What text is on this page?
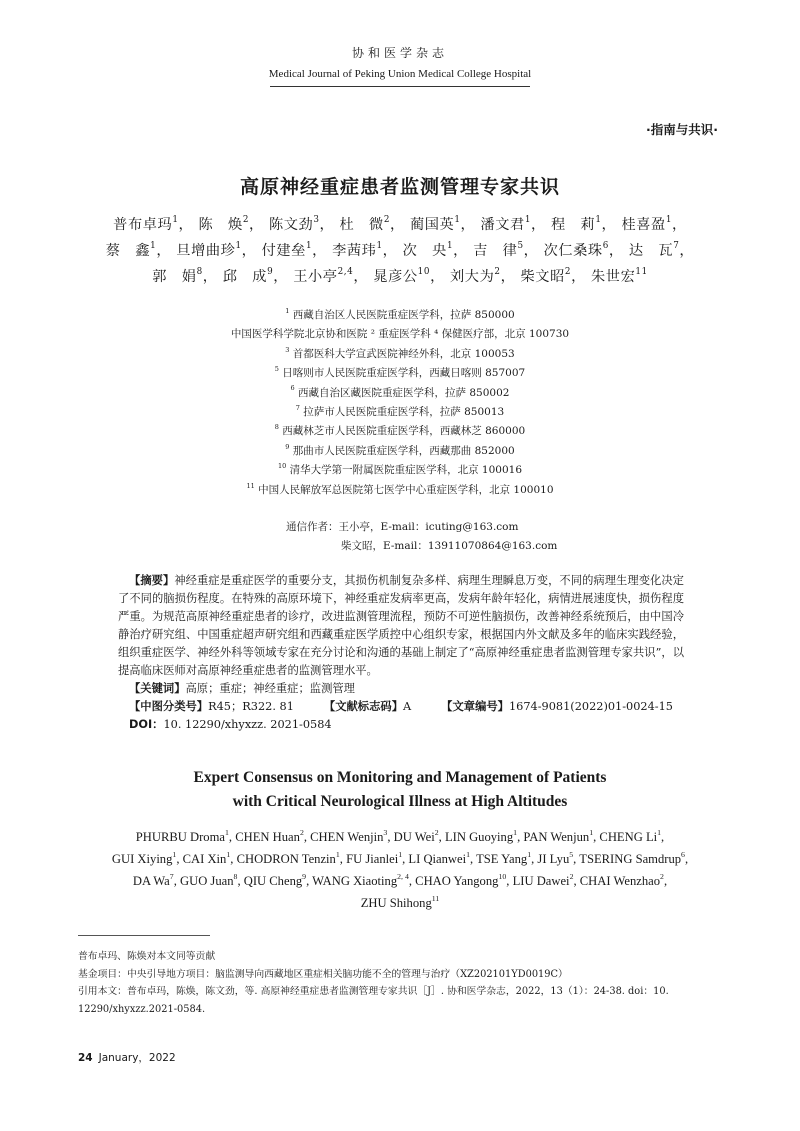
协和医学杂志
Medical Journal of Peking Union Medical College Hospital
·指南与共识·
高原神经重症患者监测管理专家共识
普布卓玛$^1$， 陈　焕$^2$， 陈文劲$^3$， 杜　微$^2$， 蔺国英$^1$， 潘文君$^1$， 程　莉$^1$， 桂喜盈$^1$， 蔡　鑫$^1$， 旦增曲珍$^1$， 付建垒$^1$， 李茜玮$^1$， 次　央$^1$， 吉　律$^5$， 次仁桑珠$^6$， 达　瓦$^7$， 郭　娟$^8$， 邱　成$^9$， 王小亭$^{2,4}$， 晁彦公$^{10}$， 刘大为$^2$， 柴文昭$^2$， 朱世宏$^{11}$
$^1$ 西藏自治区人民医院重症医学科，拉萨 850000
中国医学科学院北京协和医院 ² 重症医学科 ⁴ 保健医疗部，北京 100730
$^3$ 首都医科大学宣武医院神经外科，北京 100053
$^5$ 日喀则市人民医院重症医学科，西藏日喀则 857007
$^6$ 西藏自治区藏医院重症医学科，拉萨 850002
$^7$ 拉萨市人民医院重症医学科，拉萨 850013
$^8$ 西藏林芝市人民医院重症医学科，西藏林芝 860000
$^9$ 那曲市人民医院重症医学科，西藏那曲 852000
$^{10}$ 清华大学第一附属医院重症医学科，北京 100016
$^{11}$ 中国人民解放军总医院第七医学中心重症医学科，北京 100010
通信作者：王小亭，E-mail：icuting@163.com
柴文昭，E-mail：13911070864@163.com

【摘要】神经重症是重症医学的重要分支，其损伤机制复杂多样、病理生理瞬息万变，不同的病理生理变化决定了不同的脑损伤程度。在特殊的高原环境下，神经重症发病率更高，发病年龄年轻化，病情进展速度快，损伤程度严重。为规范高原神经重症患者的诊疗，改进监测管理流程，预防不可逆性脑损伤，改善神经系统预后，由中国冷静治疗研究组、中国重症超声研究组和西藏重症医学质控中心组织专家，根据国内外文献及多年的临床实践经验，组织重症医学、神经外科等领域专家在充分讨论和沟通的基础上制定了“高原神经重症患者监测管理专家共识”，以提高临床医师对高原神经重症患者的监测管理水平。

【关键词】高原；重症；神经重症；监测管理
【中图分类号】R45；R322. 81	【文献标志码】A	【文章编号】1674-9081(2022)01-0024-15
DOI：10. 12290/xhyxzz. 2021-0584
Expert Consensus on Monitoring and Management of Patients
with Critical Neurological Illness at High Altitudes
PHURBU Droma$^1$, CHEN Huan$^2$, CHEN Wenjin$^3$, DU Wei$^2$, LIN Guoying$^1$, PAN Wenjun$^1$, CHENG Li$^1$, GUI Xiying$^1$, CAI Xin$^1$, CHODRON Tenzin$^1$, FU Jianlei$^1$, LI Qianwei$^1$, TSE Yang$^1$, JI Lyu$^5$, TSERING Samdrup$^6$, DA Wa$^7$, GUO Juan$^8$, QIU Cheng$^9$, WANG Xiaoting$^{2, 4}$, CHAO Yangong$^{10}$, LIU Dawei$^2$, CHAI Wenzhao$^2$, ZHU Shihong$^{11}$
普布卓玛、陈焕对本文同等贡献
基金项目：中央引导地方项目：脑监测导向西藏地区重症相关脑功能不全的管理与治疗（XZ202101YD0019C）
引用本文：普布卓玛，陈焕，陈文劲，等. 高原神经重症患者监测管理专家共识［J］. 协和医学杂志，2022，13（1）：24-38. doi：10. 12290/xhyxzz.2021-0584.
24 January，2022
